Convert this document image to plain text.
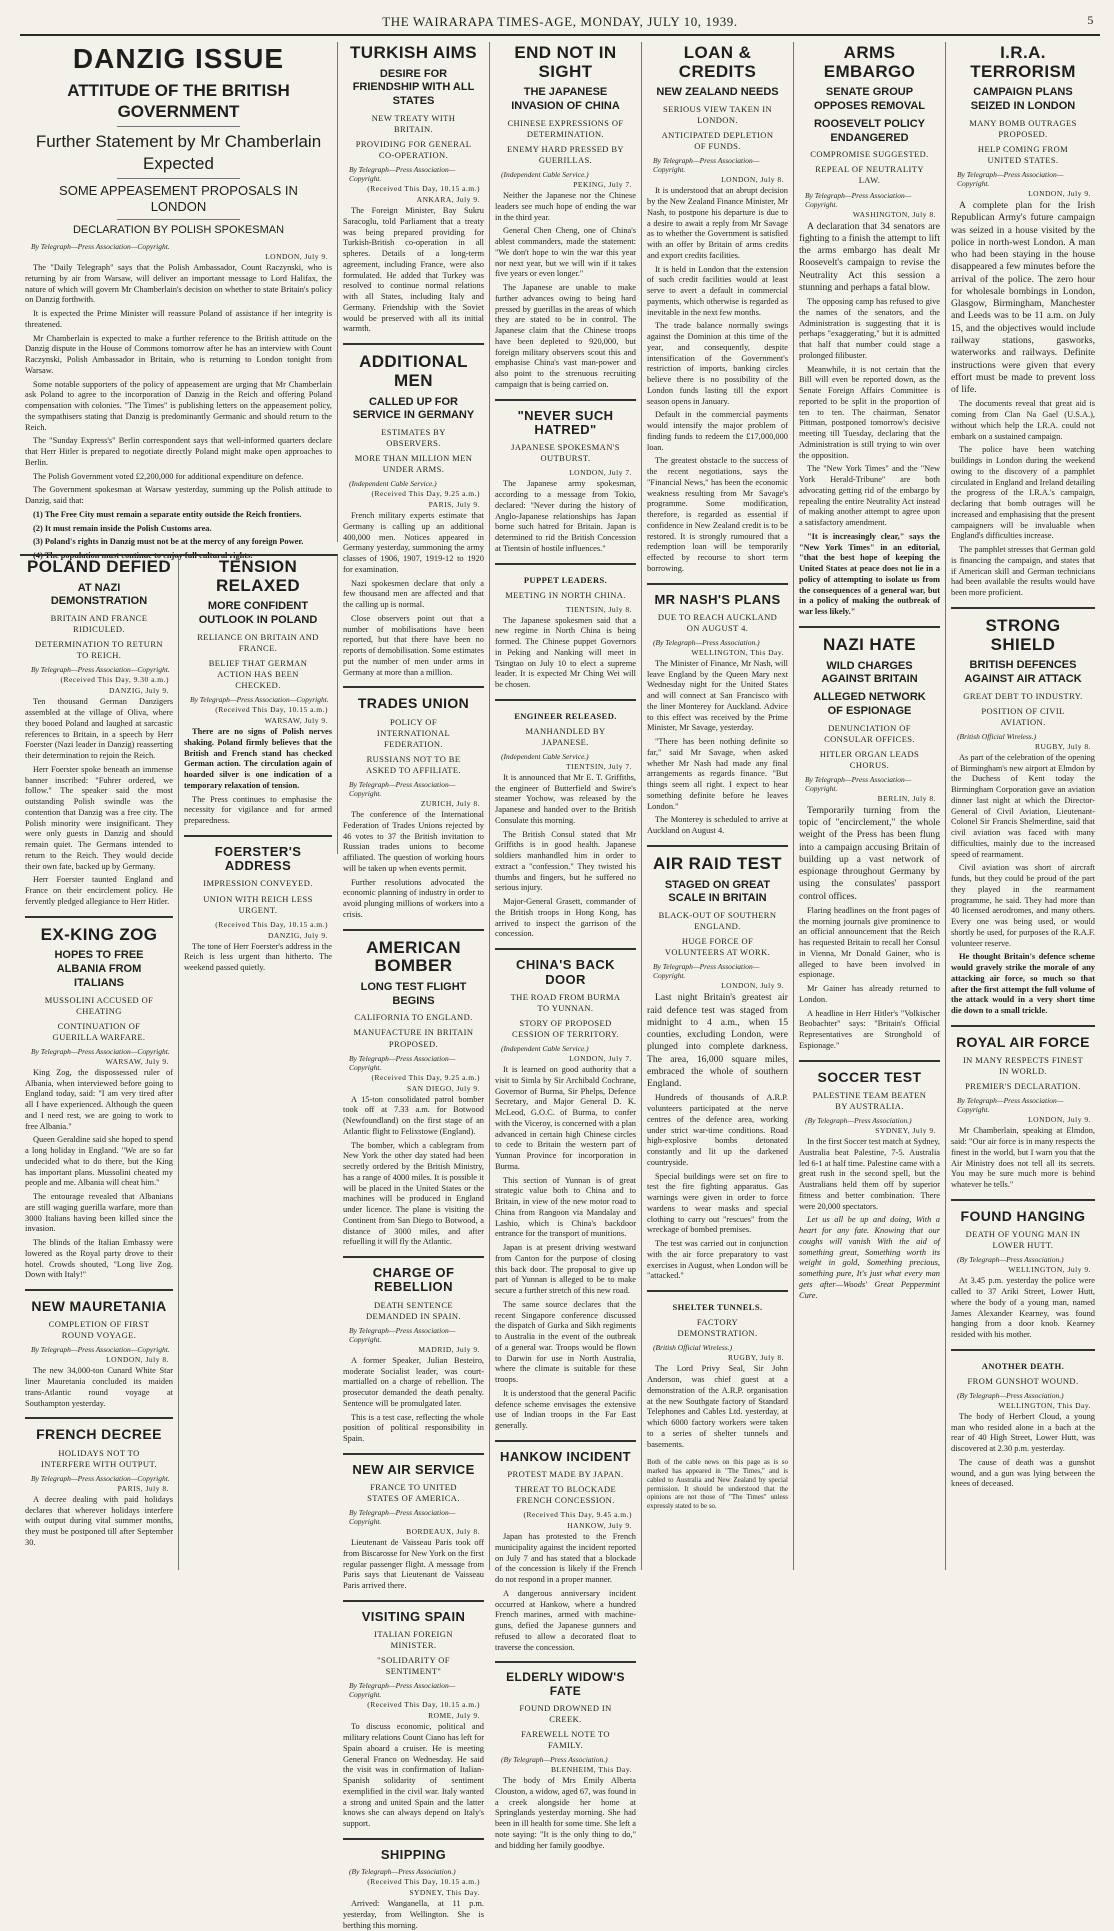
THE WAIRARAPA TIMES-AGE, MONDAY, JULY 10, 1939.	5
DANZIG ISSUE
ATTITUDE OF THE BRITISH GOVERNMENT
Further Statement by Mr Chamberlain Expected
SOME APPEASEMENT PROPOSALS IN LONDON
DECLARATION BY POLISH SPOKESMAN
By Telegraph—Press Association—Copyright.
LONDON, July 9.

The "Daily Telegraph" says that the Polish Ambassador, Count Raczynski, who is returning by air from Warsaw, will deliver an important message to Lord Halifax, the nature of which will govern Mr Chamberlain's decision on whether to state Britain's policy on Danzig forthwith.

It is expected the Prime Minister will reassure Poland of assistance if her integrity is threatened.

Mr Chamberlain is expected to make a further reference to the British attitude on the Danzig dispute in the House of Commons tomorrow after he has an interview with Count Raczynski, Polish Ambassador in Britain, who is returning to London tonight from Warsaw.

Some notable supporters of the policy of appeasement are urging that Mr Chamberlain ask Poland to agree to the incorporation of Danzig in the Reich and offering Poland compensation with colonies. "The Times" is publishing letters on the appeasement policy, the sympathisers stating that Danzig is predominantly Germanic and should return to the Reich.

The "Sunday Express's" Berlin correspondent says that well-informed quarters declare that Herr Hitler is prepared to negotiate directly Poland might make open approaches to Berlin.

The Polish Government voted £2,200,000 for additional expenditure on defence.

The Government spokesman at Warsaw yesterday, summing up the Polish attitude to Danzig, said that:

(1) The Free City must remain a separate entity outside the Reich frontiers.

(2) It must remain inside the Polish Customs area.

(3) Poland's rights in Danzig must not be at the mercy of any foreign Power.

(4) The population must continue to enjoy full cultural rights.

POLAND DEFIED
AT NAZI DEMONSTRATION
BRITAIN AND FRANCE RIDICULED.
DETERMINATION TO RETURN TO REICH.
By Telegraph—Press Association—Copyright.
(Received This Day, 9.30 a.m.)
DANZIG, July 9.

Ten thousand German Danzigers assembled at the village of Oliva, where they booed Poland and laughed at sarcastic references to Britain, in a speech by Herr Foerster (Nazi leader in Danzig) reasserting their determination to rejoin the Reich.

Herr Foerster spoke beneath an immense banner inscribed: "Fuhrer ordered, we follow." The speaker said the most outstanding Polish swindle was the contention that Danzig was a free city. The Polish minority were insignificant. They were only guests in Danzig and should remain quiet. The Germans intended to return to the Reich. They would decide their own fate, backed up by Germany.

Herr Foerster taunted England and France on their encirclement policy. He fervently pledged allegiance to Herr Hitler.

EX-KING ZOG
HOPES TO FREE ALBANIA FROM ITALIANS
MUSSOLINI ACCUSED OF CHEATING
CONTINUATION OF GUERILLA WARFARE.
By Telegraph—Press Association—Copyright.
WARSAW, July 9.

King Zog, the dispossessed ruler of Albania, when interviewed before going to England today, said: "I am very tired after all I have experienced. Although the queen and I need rest, we are going to work to free Albania."

Queen Geraldine said she hoped to spend a long holiday in England. "We are so far undecided what to do there, but the King has important plans. Mussolini cheated my people and me. Albania will cheat him."

The entourage revealed that Albanians are still waging guerilla warfare, more than 3000 Italians having been killed since the invasion.

The blinds of the Italian Embassy were lowered as the Royal party drove to their hotel. Crowds shouted, "Long live Zog. Down with Italy!"

NEW MAURETANIA
COMPLETION OF FIRST ROUND VOYAGE.
By Telegraph—Press Association—Copyright.
LONDON, July 8.

The new 34,000-ton Cunard White Star liner Mauretania concluded its maiden trans-Atlantic round voyage at Southampton yesterday.

FRENCH DECREE
HOLIDAYS NOT TO INTERFERE WITH OUTPUT.
By Telegraph—Press Association—Copyright.
PARIS, July 8.

A decree dealing with paid holidays declares that wherever holidays interfere with output during vital summer months, they must be postponed till after September 30.

TENSION RELAXED
MORE CONFIDENT OUTLOOK IN POLAND
RELIANCE ON BRITAIN AND FRANCE.
BELIEF THAT GERMAN ACTION HAS BEEN CHECKED.
By Telegraph—Press Association—Copyright.
(Received This Day, 10.15 a.m.)
WARSAW, July 9.

There are no signs of Polish nerves shaking. Poland firmly believes that the British and French stand has checked German action. The circulation again of hoarded silver is one indication of a temporary relaxation of tension.

The Press continues to emphasise the necessity for vigilance and for armed preparedness.

FOERSTER'S ADDRESS
IMPRESSION CONVEYED.
UNION WITH REICH LESS URGENT.
(Received This Day, 10.15 a.m.)
DANZIG, July 9.

The tone of Herr Foerster's address in the Reich is less urgent than hitherto. The weekend passed quietly.

TURKISH AIMS
DESIRE FOR FRIENDSHIP WITH ALL STATES
NEW TREATY WITH BRITAIN.
PROVIDING FOR GENERAL CO-OPERATION.
By Telegraph—Press Association—Copyright.
(Received This Day, 10.15 a.m.)
ANKARA, July 9.

The Foreign Minister, Bay Sukru Saracoglu, told Parliament that a treaty was being prepared providing for Turkish-British co-operation in all spheres. Details of a long-term agreement, including France, were also formulated. He added that Turkey was resolved to continue normal relations with all States, including Italy and Germany. Friendship with the Soviet would be preserved with all its initial warmth.

ADDITIONAL MEN
CALLED UP FOR SERVICE IN GERMANY
ESTIMATES BY OBSERVERS.
MORE THAN MILLION MEN UNDER ARMS.
(Independent Cable Service.)
(Received This Day, 9.25 a.m.)
PARIS, July 9.

French military experts estimate that Germany is calling up an additional 400,000 men. Notices appeared in Germany yesterday, summoning the army classes of 1906, 1907, 1919-12 to 1920 for examination.

Nazi spokesmen declare that only a few thousand men are affected and that the calling up is normal.

Close observers point out that a number of mobilisations have been reported, but that there have been no reports of demobilisation. Some estimates put the number of men under arms in Germany at more than a million.

TRADES UNION
POLICY OF INTERNATIONAL FEDERATION.
RUSSIANS NOT TO BE ASKED TO AFFILIATE.
By Telegraph—Press Association—Copyright.
ZURICH, July 8.

The conference of the International Federation of Trades Unions rejected by 46 votes to 37 the British invitation to Russian trades unions to become affiliated. The question of working hours will be taken up when events permit.

Further resolutions advocated the economic planning of industry in order to avoid plunging millions of workers into a crisis.

AMERICAN BOMBER
LONG TEST FLIGHT BEGINS
CALIFORNIA TO ENGLAND.
MANUFACTURE IN BRITAIN PROPOSED.
By Telegraph—Press Association—Copyright.
(Received This Day, 9.25 a.m.)
SAN DIEGO, July 9.

A 15-ton consolidated patrol bomber took off at 7.33 a.m. for Botwood (Newfoundland) on the first stage of an Atlantic flight to Felixstowe (England).

The bomber, which a cablegram from New York the other day stated had been secretly ordered by the British Ministry, has a range of 4000 miles. It is possible it will be placed in the United States or the machines will be produced in England under licence. The plane is visiting the Continent from San Diego to Botwood, a distance of 3000 miles, and after refuelling it will fly the Atlantic.

CHARGE OF REBELLION
DEATH SENTENCE DEMANDED IN SPAIN.
By Telegraph—Press Association—Copyright.
MADRID, July 9.

A former Speaker, Julian Besteiro, moderate Socialist leader, was court-martialled on a charge of rebellion. The prosecutor demanded the death penalty. Sentence will be promulgated later.

This is a test case, reflecting the whole position of political responsibility in Spain.

NEW AIR SERVICE
FRANCE TO UNITED STATES OF AMERICA.
By Telegraph—Press Association—Copyright.
BORDEAUX, July 8.

Lieutenant de Vaisseau Paris took off from Biscarosse for New York on the first regular passenger flight. A message from Paris says that Lieutenant de Vaisseau Paris arrived there.

VISITING SPAIN
ITALIAN FOREIGN MINISTER.
"SOLIDARITY OF SENTIMENT"
By Telegraph—Press Association—Copyright.
(Received This Day, 10.15 a.m.)
ROME, July 9.

To discuss economic, political and military relations Count Ciano has left for Spain aboard a cruiser. He is meeting General Franco on Wednesday. He said the visit was in confirmation of Italian-Spanish solidarity of sentiment exemplified in the civil war. Italy wanted a strong and united Spain and the latter knows she can always depend on Italy's support.

SHIPPING
(By Telegraph—Press Association.)
(Received This Day, 10.15 a.m.)
SYDNEY, This Day.

Arrived: Wanganella, at 11 p.m. yesterday, from Wellington. She is berthing this morning.

END NOT IN SIGHT
THE JAPANESE INVASION OF CHINA
CHINESE EXPRESSIONS OF DETERMINATION.
ENEMY HARD PRESSED BY GUERILLAS.
(Independent Cable Service.)
PEKING, July 7.

Neither the Japanese nor the Chinese leaders see much hope of ending the war in the third year.

General Chen Cheng, one of China's ablest commanders, made the statement: "We don't hope to win the war this year nor next year, but we will win if it takes five years or even longer."

The Japanese are unable to make further advances owing to being hard pressed by guerillas in the areas of which they are stated to be in control. The Japanese claim that the Chinese troops have been depleted to 920,000, but foreign military observers scout this and emphasise China's vast man-power and also point to the strenuous recruiting campaign that is being carried on.

"NEVER SUCH HATRED"
JAPANESE SPOKESMAN'S OUTBURST.
LONDON, July 7.

The Japanese army spokesman, according to a message from Tokio, declared: "Never during the history of Anglo-Japanese relationships has Japan borne such hatred for Britain. Japan is determined to rid the British Concession at Tientsin of hostile influences."

PUPPET LEADERS.
MEETING IN NORTH CHINA.
TIENTSIN, July 8.

The Japanese spokesmen said that a new regime in North China is being formed. The Chinese puppet Governors in Peking and Nanking will meet in Tsingtao on July 10 to elect a supreme leader. It is expected Mr Ching Wei will be chosen.

ENGINEER RELEASED.
MANHANDLED BY JAPANESE.
(Independent Cable Service.)
TIENTSIN, July 7.

It is announced that Mr E. T. Griffiths, the engineer of Butterfield and Swire's steamer Yochow, was released by the Japanese and handed over to the British Consulate this morning.

The British Consul stated that Mr Griffiths is in good health. Japanese soldiers manhandled him in order to extract a "confession." They twisted his thumbs and fingers, but he suffered no serious injury.

Major-General Grasett, commander of the British troops in Hong Kong, has arrived to inspect the garrison of the concession.

CHINA'S BACK DOOR
THE ROAD FROM BURMA TO YUNNAN.
STORY OF PROPOSED CESSION OF TERRITORY.
(Independent Cable Service.)
LONDON, July 7.

It is learned on good authority that a visit to Simla by Sir Archibald Cochrane, Governor of Burma, Sir Phelps, Defence Secretary, and Major General D. K. McLeod, G.O.C. of Burma, to confer with the Viceroy, is concerned with a plan advanced in certain high Chinese circles to cede to Britain the western part of Yunnan Province for incorporation in Burma.

This section of Yunnan is of great strategic value both to China and to Britain, in view of the new motor road to China from Rangoon via Mandalay and Lashio, which is China's backdoor entrance for the transport of munitions.

Japan is at present driving westward from Canton for the purpose of closing this back door. The proposal to give up part of Yunnan is alleged to be to make secure a further stretch of this new road.

The same source declares that the recent Singapore conference discussed the dispatch of Gurka and Sikh regiments to Australia in the event of the outbreak of a general war. Troops would be flown to Darwin for use in North Australia, where the climate is suitable for these troops.

It is understood that the general Pacific defence scheme envisages the extensive use of Indian troops in the Far East generally.

HANKOW INCIDENT
PROTEST MADE BY JAPAN.
THREAT TO BLOCKADE FRENCH CONCESSION.
(Received This Day, 9.45 a.m.)
HANKOW, July 9.

Japan has protested to the French municipality against the incident reported on July 7 and has stated that a blockade of the concession is likely if the French do not respond in a proper manner.

A dangerous anniversary incident occurred at Hankow, where a hundred French marines, armed with machine-guns, defied the Japanese gunners and refused to allow a decorated float to traverse the concession.

ELDERLY WIDOW'S FATE
FOUND DROWNED IN CREEK.
FAREWELL NOTE TO FAMILY.
(By Telegraph—Press Association.)
BLENHEIM, This Day.

The body of Mrs Emily Alberta Clouston, a widow, aged 67, was found in a creek alongside her home at Springlands yesterday morning. She had been in ill health for some time. She left a note saying: "It is the only thing to do," and bidding her family goodbye.

LOAN & CREDITS
NEW ZEALAND NEEDS
SERIOUS VIEW TAKEN IN LONDON.
ANTICIPATED DEPLETION OF FUNDS.
By Telegraph—Press Association—Copyright.
LONDON, July 8.

It is understood that an abrupt decision by the New Zealand Finance Minister, Mr Nash, to postpone his departure is due to a desire to await a reply from Mr Savage as to whether the Government is satisfied with an offer by Britain of arms credits and export credits facilities.

It is held in London that the extension of such credit facilities would at least serve to avert a default in commercial payments, which otherwise is regarded as inevitable in the next few months.

The trade balance normally swings against the Dominion at this time of the year, and consequently, despite intensification of the Government's restriction of imports, banking circles believe there is no possibility of the London funds lasting till the export season opens in January.

Default in the commercial payments would intensify the major problem of finding funds to redeem the £17,000,000 loan.

The greatest obstacle to the success of the recent negotiations, says the "Financial News," has been the economic weakness resulting from Mr Savage's programme. Some modification, therefore, is regarded as essential if confidence in New Zealand credit is to be restored. It is strongly rumoured that a redemption loan will be temporarily effected by recourse to short term borrowing.

MR NASH'S PLANS
DUE TO REACH AUCKLAND ON AUGUST 4.
(By Telegraph—Press Association.)
WELLINGTON, This Day.

The Minister of Finance, Mr Nash, will leave England by the Queen Mary next Wednesday night for the United States and will connect at San Francisco with the liner Monterey for Auckland. Advice to this effect was received by the Prime Minister, Mr Savage, yesterday.

"There has been nothing definite so far," said Mr Savage, when asked whether Mr Nash had made any final arrangements as regards finance. "But things seem all right. I expect to hear something definite before he leaves London."

The Monterey is scheduled to arrive at Auckland on August 4.

AIR RAID TEST
STAGED ON GREAT SCALE IN BRITAIN
BLACK-OUT OF SOUTHERN ENGLAND.
HUGE FORCE OF VOLUNTEERS AT WORK.
By Telegraph—Press Association—Copyright.
LONDON, July 9.

Last night Britain's greatest air raid defence test was staged from midnight to 4 a.m., when 15 counties, excluding London, were plunged into complete darkness. The area, 16,000 square miles, embraced the whole of southern England.

Hundreds of thousands of A.R.P. volunteers participated at the nerve centres of the defence area, working under strict war-time conditions. Road high-explosive bombs detonated constantly and lit up the darkened countryside.

Special buildings were set on fire to test the fire fighting apparatus. Gas warnings were given in order to force wardens to wear masks and special clothing to carry out "rescues" from the wreckage of bombed premises.

The test was carried out in conjunction with the air force preparatory to vast exercises in August, when London will be "attacked."

SHELTER TUNNELS.
FACTORY DEMONSTRATION.
(British Official Wireless.)
RUGBY, July 8.

The Lord Privy Seal, Sir John Anderson, was chief guest at a demonstration of the A.R.P. organisation at the new Southgate factory of Standard Telephones and Cables Ltd. yesterday, at which 6000 factory workers were taken to a series of shelter tunnels and basements.

Both of the cable news on this page as is so marked has appeared in "The Times," and is cabled to Australia and New Zealand by special permission. It should be understood that the opinions are not those of "The Times" unless expressly stated to be so.
ARMS EMBARGO
SENATE GROUP OPPOSES REMOVAL
ROOSEVELT POLICY ENDANGERED
COMPROMISE SUGGESTED.
REPEAL OF NEUTRALITY LAW.
By Telegraph—Press Association—Copyright.
WASHINGTON, July 8.

A declaration that 34 senators are fighting to a finish the attempt to lift the arms embargo has dealt Mr Roosevelt's campaign to revise the Neutrality Act this session a stunning and perhaps a fatal blow.

The opposing camp has refused to give the names of the senators, and the Administration is suggesting that it is perhaps "exaggerating," but it is admitted that half that number could stage a prolonged filibuster.

Meanwhile, it is not certain that the Bill will even be reported down, as the Senate Foreign Affairs Committee is reported to be split in the proportion of ten to ten. The chairman, Senator Pittman, postponed tomorrow's decisive meeting till Tuesday, declaring that the Administration is still trying to win over the opposition.

The "New York Times" and the "New York Herald-Tribune" are both advocating getting rid of the embargo by repealing the entire Neutrality Act instead of making another attempt to agree upon a satisfactory amendment.

"It is increasingly clear," says the "New York Times" in an editorial, "that the best hope of keeping the United States at peace does not lie in a policy of attempting to isolate us from the consequences of a general war, but in a policy of making the outbreak of war less likely."

NAZI HATE
WILD CHARGES AGAINST BRITAIN
ALLEGED NETWORK OF ESPIONAGE
DENUNCIATION OF CONSULAR OFFICES.
HITLER ORGAN LEADS CHORUS.
By Telegraph—Press Association—Copyright.
BERLIN, July 8.

Temporarily turning from the topic of "encirclement," the whole weight of the Press has been flung into a campaign accusing Britain of building up a vast network of espionage throughout Germany by using the consulates' passport control offices.

Flaring headlines on the front pages of the morning journals give prominence to an official announcement that the Reich has requested Britain to recall her Consul in Vienna, Mr Donald Gainer, who is alleged to have been involved in espionage.

Mr Gainer has already returned to London.

A headline in Herr Hitler's "Volkischer Beobachter" says: "Britain's Official Representatives are Stronghold of Espionage."

SOCCER TEST
PALESTINE TEAM BEATEN BY AUSTRALIA.
(By Telegraph—Press Association.)
SYDNEY, July 9.

In the first Soccer test match at Sydney, Australia beat Palestine, 7-5. Australia led 6-1 at half time. Palestine came with a great rush in the second spell, but the Australians held them off by superior fitness and better combination. There were 20,000 spectators.

Let us all be up and doing, With a heart for any fate. Knowing that our coughs will vanish With the aid of something great, Something worth its weight in gold, Something precious, something pure, It's just what every man gets after—Woods' Great Peppermint Cure.

I.R.A. TERRORISM
CAMPAIGN PLANS SEIZED IN LONDON
MANY BOMB OUTRAGES PROPOSED.
HELP COMING FROM UNITED STATES.
By Telegraph—Press Association—Copyright.
LONDON, July 9.

A complete plan for the Irish Republican Army's future campaign was seized in a house visited by the police in north-west London. A man who had been staying in the house disappeared a few minutes before the arrival of the police. The zero hour for wholesale bombings in London, Glasgow, Birmingham, Manchester and Leeds was to be 11 a.m. on July 15, and the objectives would include railway stations, gasworks, waterworks and railways. Definite instructions were given that every effort must be made to prevent loss of life.

The documents reveal that great aid is coming from Clan Na Gael (U.S.A.), without which help the I.R.A. could not embark on a sustained campaign.

The police have been watching buildings in London during the weekend owing to the discovery of a pamphlet circulated in England and Ireland detailing the progress of the I.R.A.'s campaign, declaring that bomb outrages will be increased and emphasising that the present campaigners will be invaluable when England's difficulties increase.

The pamphlet stresses that German gold is financing the campaign, and states that if American skill and German technicians had been available the results would have been more proficient.

STRONG SHIELD
BRITISH DEFENCES AGAINST AIR ATTACK
GREAT DEBT TO INDUSTRY.
POSITION OF CIVIL AVIATION.
(British Official Wireless.)
RUGBY, July 8.

As part of the celebration of the opening of Birmingham's new airport at Elmdon by the Duchess of Kent today the Birmingham Corporation gave an aviation dinner last night at which the Director-General of Civil Aviation, Lieutenant-Colonel Sir Francis Shelmerdine, said that civil aviation was faced with many difficulties, mainly due to the increased speed of rearmament.

Civil aviation was short of aircraft funds, but they could be proud of the part they played in the rearmament programme, he said. They had more than 40 licensed aerodromes, and many others. Every one was being used, or would shortly be used, for purposes of the R.A.F. volunteer reserve.

He thought Britain's defence scheme would gravely strike the morale of any attacking air force, so much so that after the first attempt the full volume of the attack would in a very short time die down to a small trickle.

ROYAL AIR FORCE
IN MANY RESPECTS FINEST IN WORLD.
PREMIER'S DECLARATION.
By Telegraph—Press Association—Copyright.
LONDON, July 9.

Mr Chamberlain, speaking at Elmdon, said: "Our air force is in many respects the finest in the world, but I warn you that the Air Ministry does not tell all its secrets. You may be sure much more is behind whatever he tells."

FOUND HANGING
DEATH OF YOUNG MAN IN LOWER HUTT.
(By Telegraph—Press Association.)
WELLINGTON, July 9.

At 3.45 p.m. yesterday the police were called to 37 Ariki Street, Lower Hutt, where the body of a young man, named James Alexander Kearney, was found hanging from a door knob. Kearney resided with his mother.

ANOTHER DEATH.
FROM GUNSHOT WOUND.
(By Telegraph—Press Association.)
WELLINGTON, This Day.

The body of Herbert Cloud, a young man who resided alone in a bach at the rear of 40 High Street, Lower Hutt, was discovered at 2.30 p.m. yesterday.

The cause of death was a gunshot wound, and a gun was lying between the knees of deceased.
